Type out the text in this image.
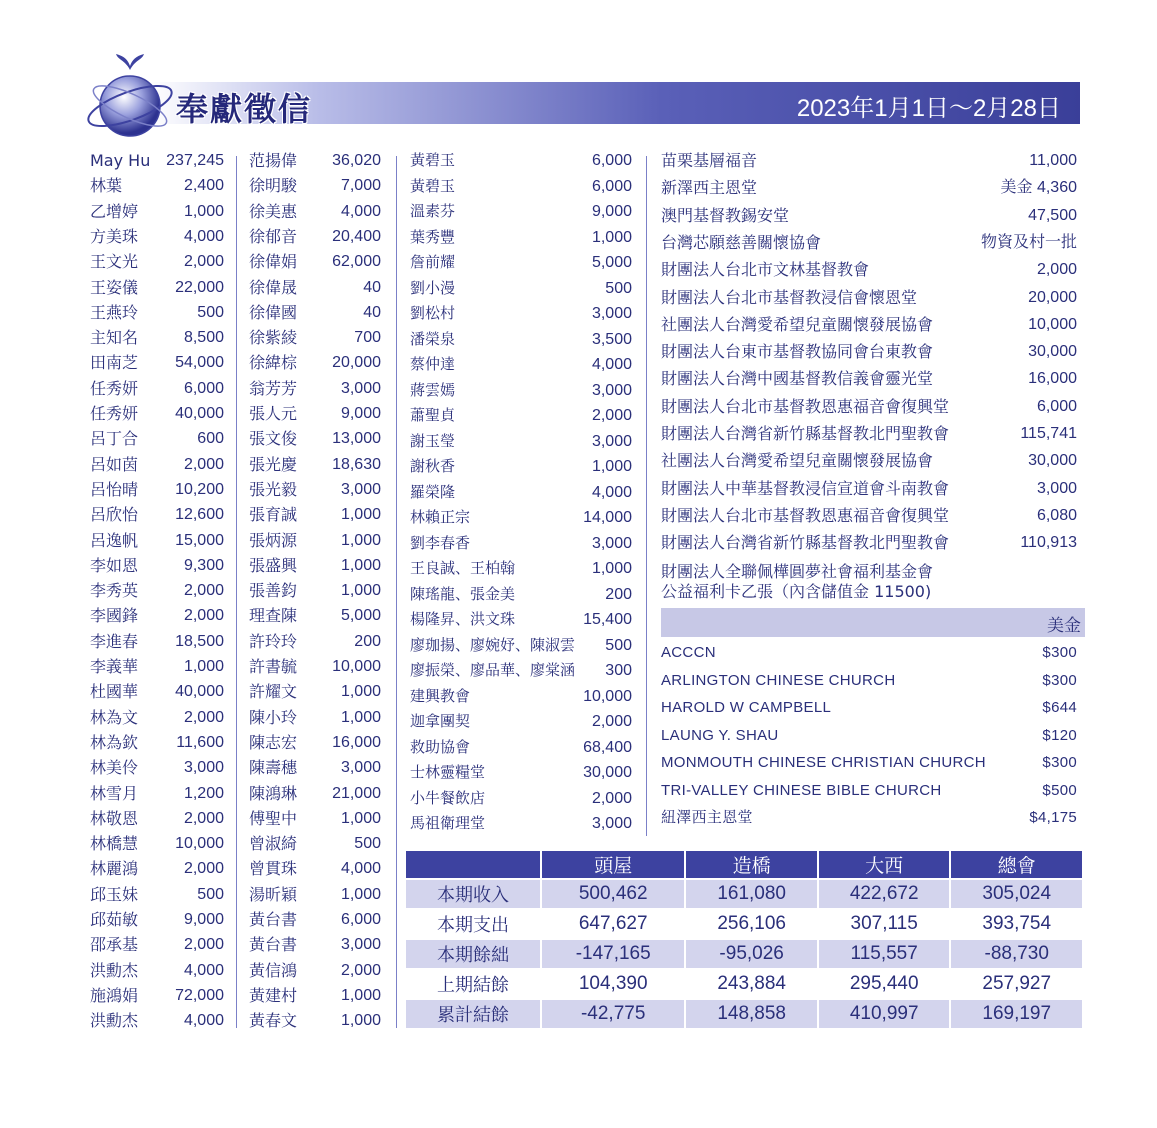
奉獻徵信	2023年1月1日～2月28日
May Hu 237,245
林葉	2,400
乙增婷	1,000
方美珠	4,000
王文光	2,000
王姿儀 22,000
王燕玲	500
主知名	8,500
田南芝 54,000
任秀妍	6,000
任秀妍 40,000
呂丁合	600
呂如茵	2,000
呂怡晴 10,200
呂欣怡 12,600
呂逸帆 15,000
李如恩	9,300
李秀英	2,000
李國鋒	2,000
李進春 18,500
李義華	1,000
杜國華 40,000
林為文	2,000
林為欽 11,600
林美伶	3,000
林雪月	1,200
林敬恩	2,000
林橋慧 10,000
林麗鴻	2,000
邱玉妹	500
邱茹敏	9,000
邵承基	2,000
洪勳杰	4,000
施鴻娟 72,000
洪勳杰	4,000
范揚偉 36,020
徐明駿	7,000
徐美惠	4,000
徐郁音 20,400
徐偉娟 62,000
徐偉晟	40
徐偉國	40
徐紫綾	700
徐緯棕 20,000
翁芳芳	3,000
張人元	9,000
張文俊 13,000
張光慶 18,630
張光毅	3,000
張育誠	1,000
張炳源	1,000
張盛興	1,000
張善鈞	1,000
理查陳	5,000
許玲玲	200
許書毓 10,000
許耀文	1,000
陳小玲	1,000
陳志宏 16,000
陳壽穗	3,000
陳鴻琳 21,000
傅聖中	1,000
曾淑綺	500
曾貫珠	4,000
湯昕穎	1,000
黃台書	6,000
黃台書	3,000
黃信鴻	2,000
黃建村	1,000
黃春文	1,000
黃碧玉	6,000
黃碧玉	6,000
溫素芬	9,000
葉秀豐	1,000
詹前耀	5,000
劉小漫	500
劉松村	3,000
潘榮泉	3,500
蔡仲達	4,000
蔣雲嫣	3,000
蕭聖貞	2,000
謝玉瑩	3,000
謝秋香	1,000
羅榮隆	4,000
林賴正宗	14,000
劉李春香	3,000
王良誠、王柏翰	1,000
陳瑤龍、張金美	200
楊隆昇、洪文珠	15,400
廖珈揚、廖婉妤、陳淑雲 500
廖振榮、廖品華、廖棠涵 300
建興教會	10,000
迦拿團契	2,000
救助協會	68,400
士林靈糧堂	30,000
小牛餐飲店	2,000
馬祖衛理堂	3,000
苗栗基層福音	11,000
新澤西主恩堂	美金 4,360
澳門基督教錫安堂	47,500
台灣芯願慈善關懷協會	物資及村一批
財團法人台北市文林基督教會	2,000
財團法人台北市基督教浸信會懷恩堂	20,000
社團法人台灣愛希望兒童關懷發展協會	10,000
財團法人台東市基督教協同會台東教會	30,000
財團法人台灣中國基督教信義會靈光堂	16,000
財團法人台北市基督教恩惠福音會復興堂	6,000
財團法人台灣省新竹縣基督教北門聖教會	115,741
社團法人台灣愛希望兒童關懷發展協會	30,000
財團法人中華基督教浸信宣道會斗南教會	3,000
財團法人台北市基督教恩惠福音會復興堂	6,080
財團法人台灣省新竹縣基督教北門聖教會	110,913
財團法人全聯佩樺圓夢社會福利基金會
公益福利卡乙張（內含儲值金 11500)
美金
ACCCN	$300
ARLINGTON CHINESE CHURCH	$300
HAROLD W CAMPBELL	$644
LAUNG Y. SHAU	$120
MONMOUTH CHINESE CHRISTIAN CHURCH	$300
TRI-VALLEY CHINESE BIBLE CHURCH	$500
紐澤西主恩堂	$4,175
	頭屋	造橋	大西	總會
本期收入	500,462	161,080	422,672	305,024
本期支出	647,627	256,106	307,115	393,754
本期餘絀	-147,165	-95,026	115,557	-88,730
上期結餘	104,390	243,884	295,440	257,927
累計結餘	-42,775	148,858	410,997	169,197
